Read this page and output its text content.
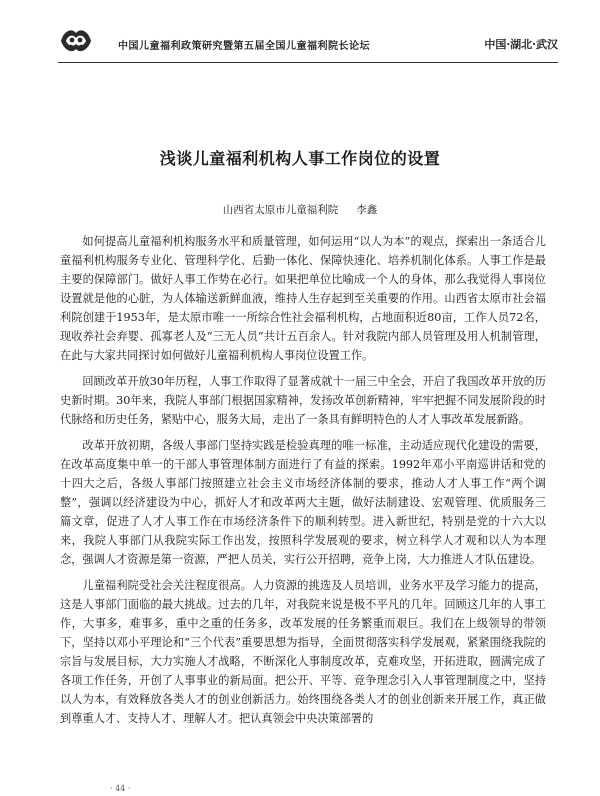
中国儿童福利政策研究暨第五届全国儿童福利院长论坛	中国·湖北·武汉
浅谈儿童福利机构人事工作岗位的设置
山西省太原市儿童福利院 李鑫

如何提高儿童福利机构服务水平和质量管理，如何运用“以人为本”的观点，探索出一条适合儿童福利机构服务专业化、管理科学化、后勤一体化、保障快速化、培养机制化体系。人事工作是最主要的保障部门。做好人事工作势在必行。如果把单位比喻成一个人的身体，那么我觉得人事岗位设置就是他的心脏，为人体输送新鲜血液，维持人生存起到至关重要的作用。山西省太原市社会福利院创建于1953年，是太原市唯一一所综合性社会福利机构，占地面积近80亩，工作人员72名，现收养社会弃婴、孤寡老人及“三无人员”共计五百余人。针对我院内部人员管理及用人机制管理，在此与大家共同探讨如何做好儿童福利机构人事岗位设置工作。

回顾改革开放30年历程，人事工作取得了显著成就十一届三中全会，开启了我国改革开放的历史新时期。30年来，我院人事部门根据国家精神，发扬改革创新精神，牢牢把握不同发展阶段的时代脉络和历史任务，紧贴中心，服务大局，走出了一条具有鲜明特色的人才人事改革发展新路。

改革开放初期，各级人事部门坚持实践是检验真理的唯一标准，主动适应现代化建设的需要，在改革高度集中单一的干部人事管理体制方面进行了有益的探索。1992年邓小平南巡讲话和党的十四大之后，各级人事部门按照建立社会主义市场经济体制的要求，推动人才人事工作“两个调整”，强调以经济建设为中心，抓好人才和改革两大主题，做好法制建设、宏观管理、优质服务三篇文章，促进了人才人事工作在市场经济条件下的顺利转型。进入新世纪，特别是党的十六大以来，我院人事部门从我院实际工作出发，按照科学发展观的要求，树立科学人才观和以人为本理念，强调人才资源是第一资源，严把人员关，实行公开招聘，竞争上岗，大力推进人才队伍建设。

儿童福利院受社会关注程度很高。人力资源的挑选及人员培训，业务水平及学习能力的提高，这是人事部门面临的最大挑战。过去的几年，对我院来说是极不平凡的几年。回顾这几年的人事工作，大事多，难事多，重中之重的任务多，改革发展的任务繁重而艰巨。我们在上级领导的带领下，坚持以邓小平理论和“三个代表”重要思想为指导，全面贯彻落实科学发展观，紧紧围绕我院的宗旨与发展目标，大力实施人才战略，不断深化人事制度改革，克难攻坚，开拓进取，圆满完成了各项工作任务，开创了人事事业的新局面。把公开、平等、竞争理念引入人事管理制度之中，坚持以人为本，有效释放各类人才的创业创新活力。始终围绕各类人才的创业创新来开展工作，真正做到尊重人才、支持人才、理解人才。把认真领会中央决策部署的

· 44 ·
